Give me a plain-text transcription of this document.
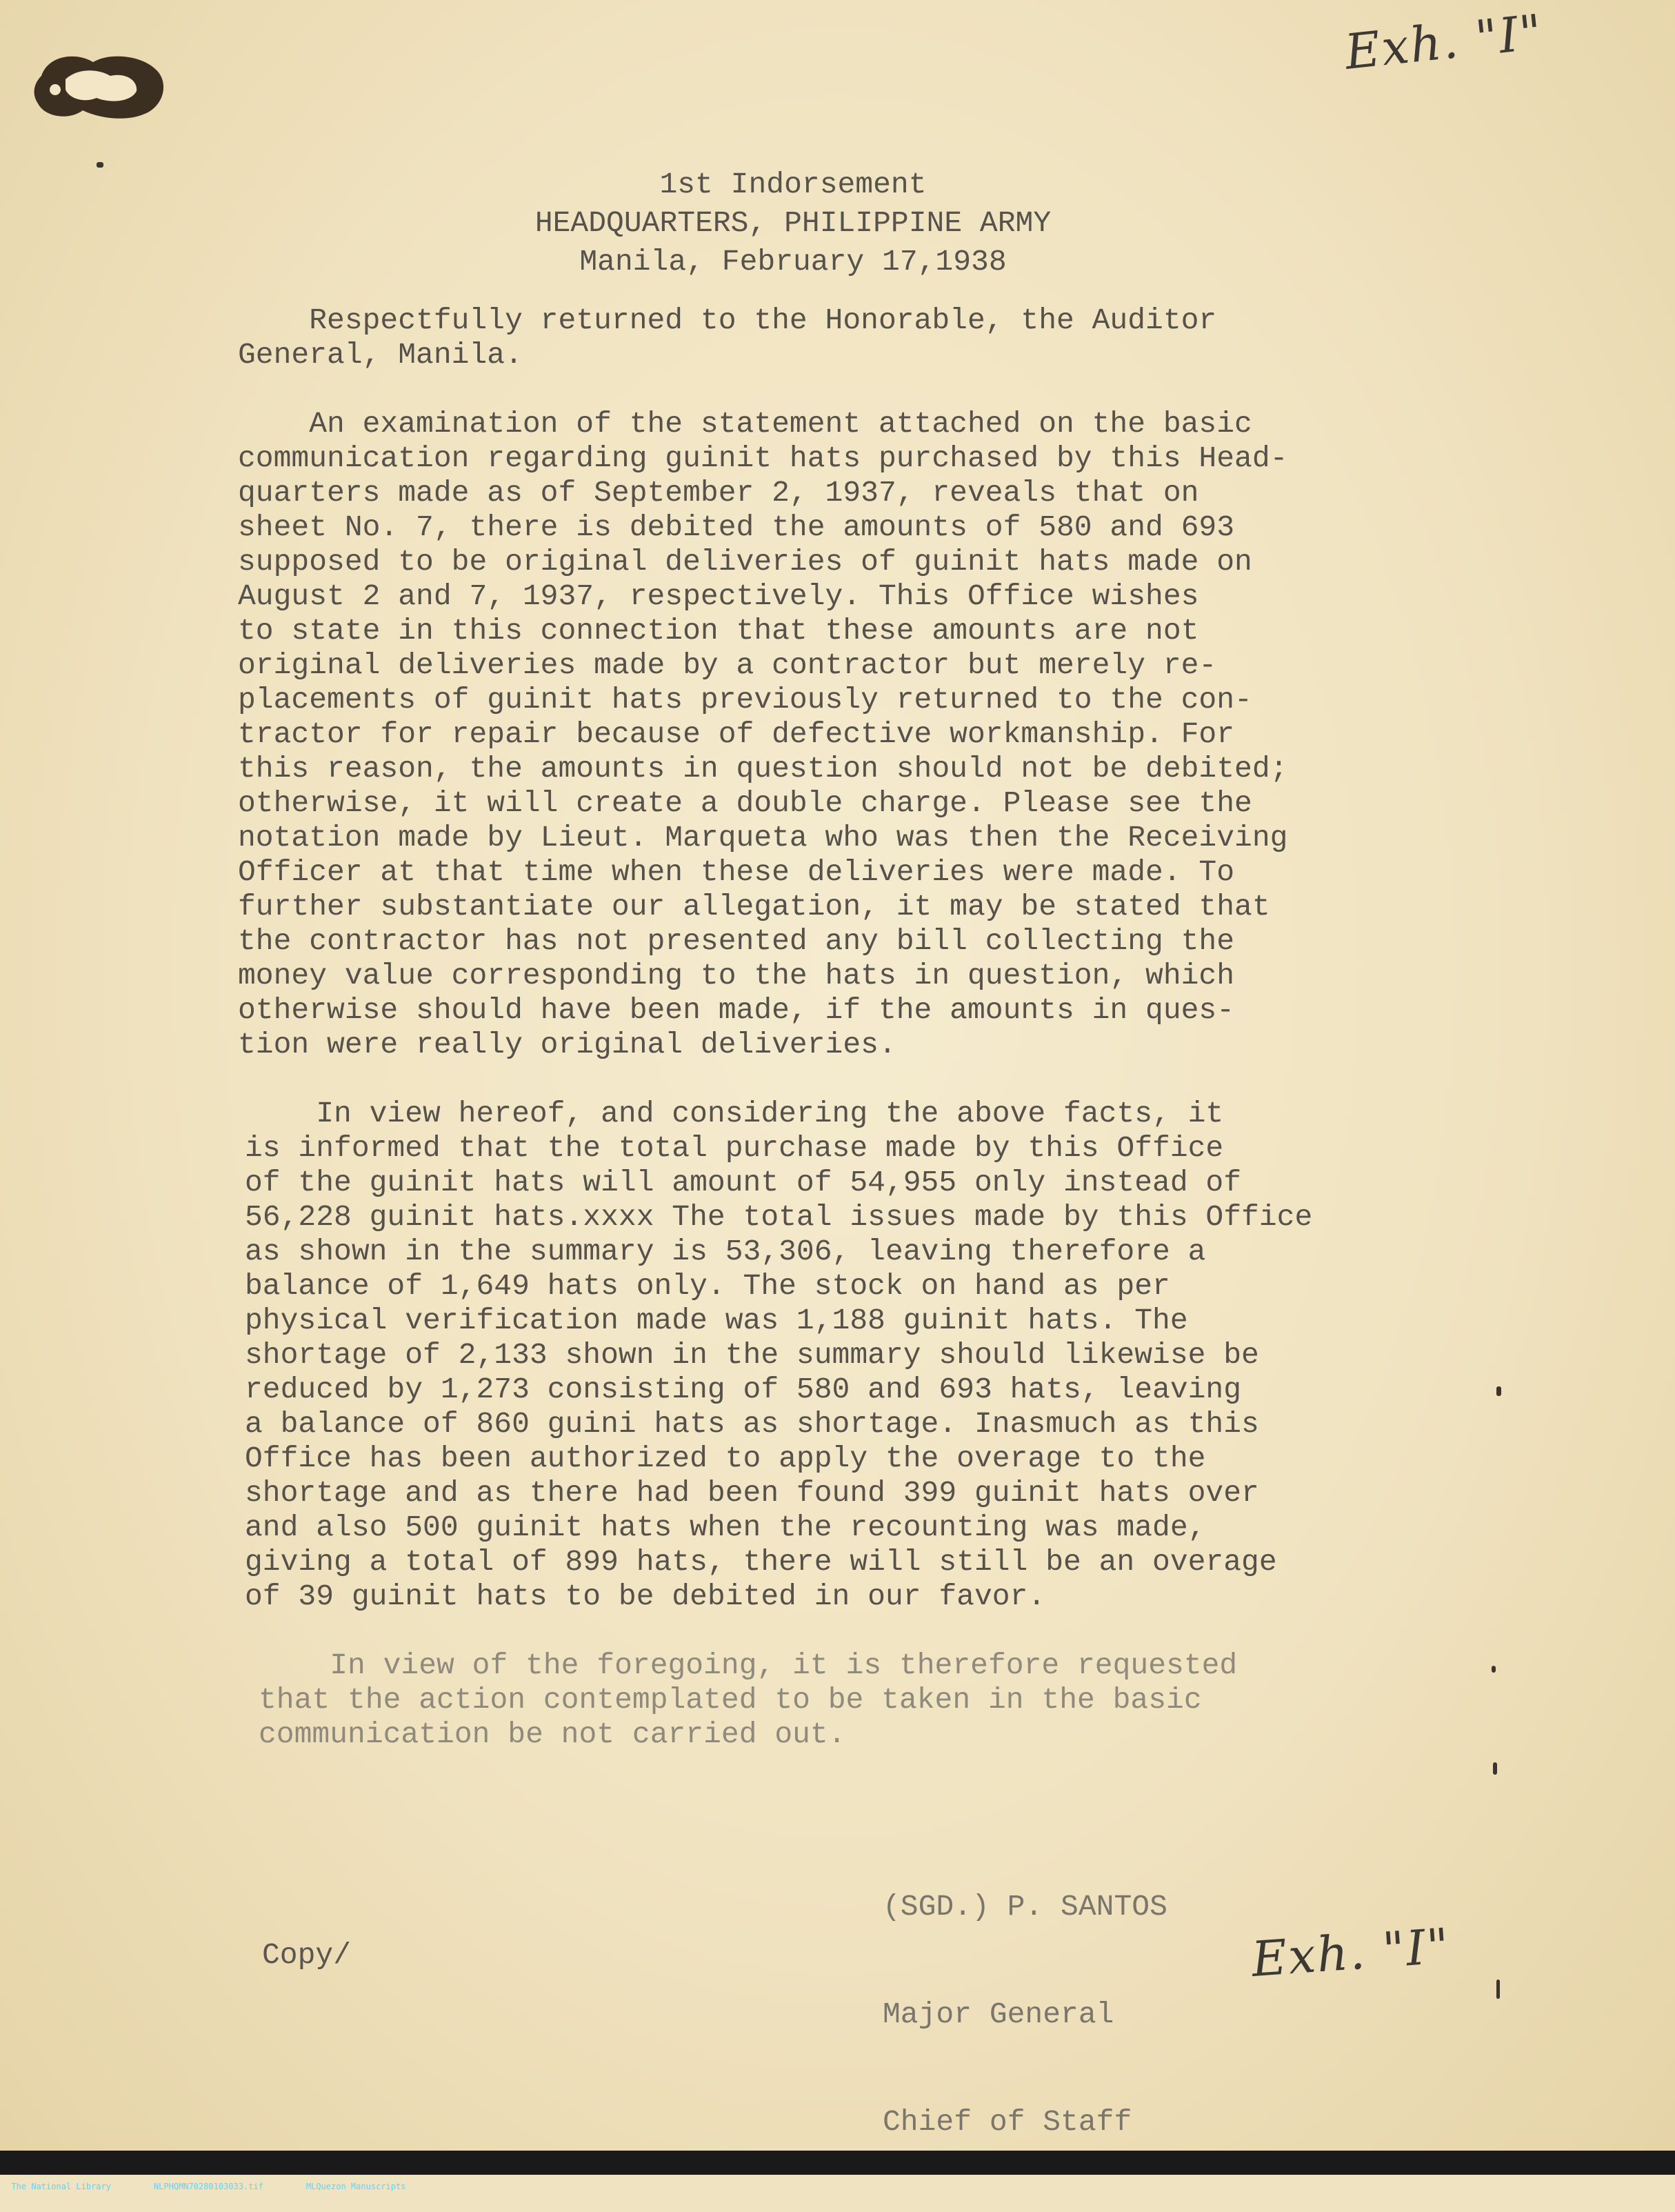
Exh. "I"
1st Indorsement
HEADQUARTERS, PHILIPPINE ARMY
Manila, February 17,1938

Respectfully returned to the Honorable, the Auditor
General, Manila.

An examination of the statement attached on the basic
communication regarding guinit hats purchased by this Head-
quarters made as of September 2, 1937, reveals that on
sheet No. 7, there is debited the amounts of 580 and 693
supposed to be original deliveries of guinit hats made on
August 2 and 7, 1937, respectively. This Office wishes
to state in this connection that these amounts are not
original deliveries made by a contractor but merely re-
placements of guinit hats previously returned to the con-
tractor for repair because of defective workmanship. For
this reason, the amounts in question should not be debited;
otherwise, it will create a double charge. Please see the
notation made by Lieut. Marqueta who was then the Receiving
Officer at that time when these deliveries were made. To
further substantiate our allegation, it may be stated that
the contractor has not presented any bill collecting the
money value corresponding to the hats in question, which
otherwise should have been made, if the amounts in ques-
tion were really original deliveries.

In view hereof, and considering the above facts, it
is informed that the total purchase made by this Office
of the guinit hats will amount of 54,955 only instead of
56,228 guinit hats.xxxx The total issues made by this Office
as shown in the summary is 53,306, leaving therefore a
balance of 1,649 hats only. The stock on hand as per
physical verification made was 1,188 guinit hats. The
shortage of 2,133 shown in the summary should likewise be
reduced by 1,273 consisting of 580 and 693 hats, leaving
a balance of 860 guini hats as shortage. Inasmuch as this
Office has been authorized to apply the overage to the
shortage and as there had been found 399 guinit hats over
and also 500 guinit hats when the recounting was made,
giving a total of 899 hats, there will still be an overage
of 39 guinit hats to be debited in our favor.

In view of the foregoing, it is therefore requested
that the action contemplated to be taken in the basic
communication be not carried out.

(SGD.) P. SANTOS

Major General

Chief of Staff

Copy/	Exh. "I"

The National Library	NLPHQMN70280103033.tif	MLQuezon Manuscripts
